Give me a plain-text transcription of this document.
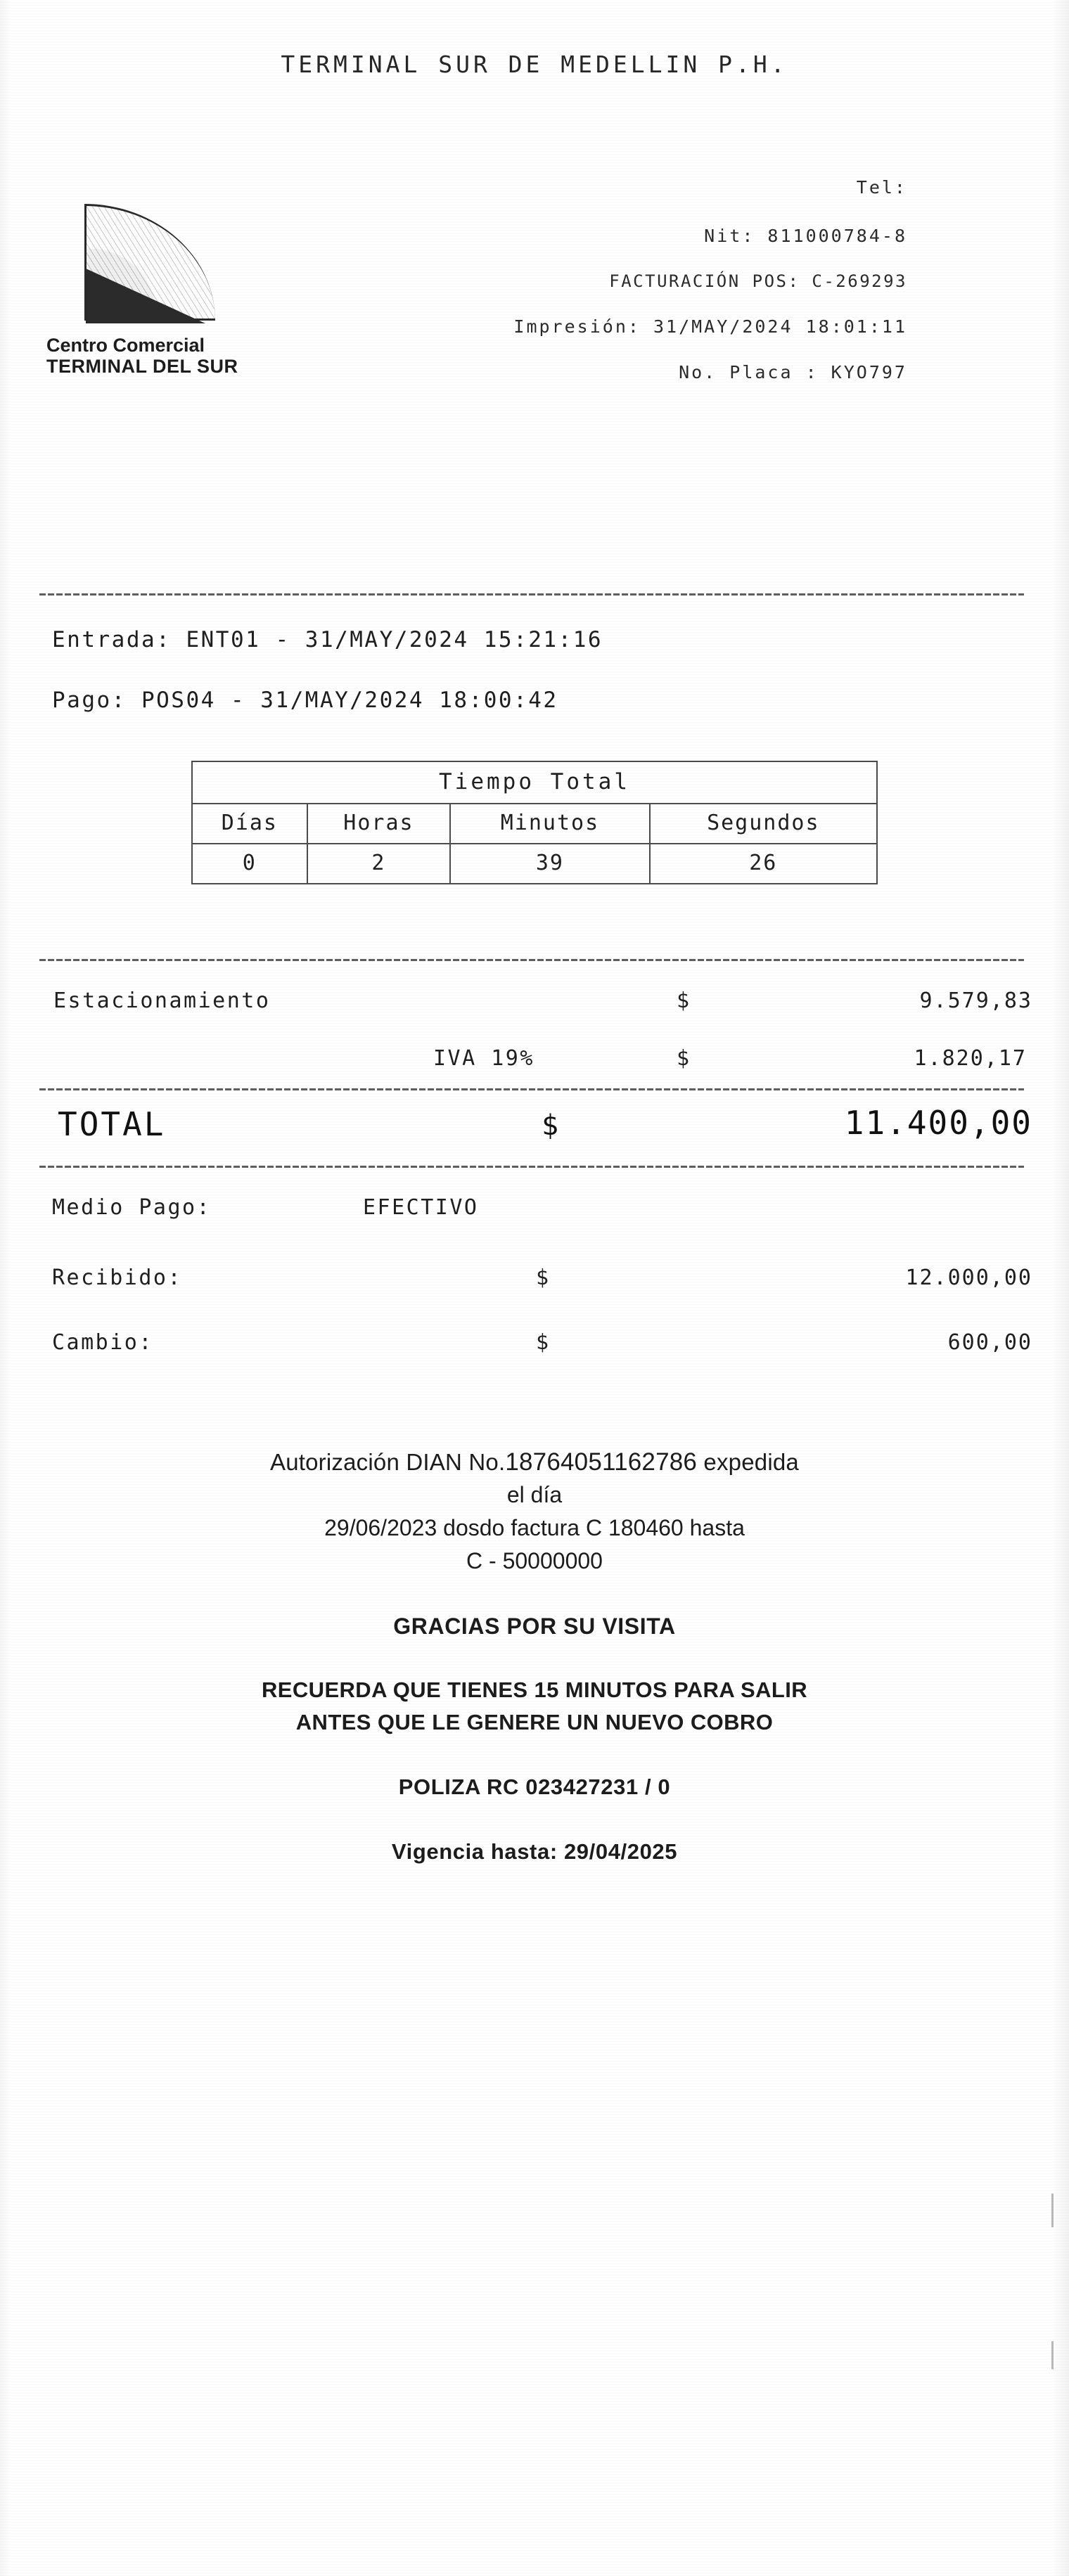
TERMINAL SUR DE MEDELLIN P.H.
Centro Comercial
TERMINAL DEL SUR
Tel:
Nit: 811000784-8
FACTURACIÓN POS: C-269293
Impresión: 31/MAY/2024 18:01:11
No. Placa : KYO797
Entrada: ENT01 - 31/MAY/2024 15:21:16
Pago: POS04 - 31/MAY/2024 18:00:42
Tiempo Total			
Días	Horas	Minutos	Segundos
0	2	39	26
Estacionamiento	$	9.579,83
IVA 19%	$	1.820,17
TOTAL	$	11.400,00
Medio Pago:	EFECTIVO
Recibido:	$	12.000,00
Cambio:	$	600,00
Autorización DIAN No.18764051162786 expedida
el día
29/06/2023 dosdo factura C 180460 hasta
C - 50000000
GRACIAS POR SU VISITA
RECUERDA QUE TIENES 15 MINUTOS PARA SALIR
ANTES QUE LE GENERE UN NUEVO COBRO
POLIZA RC 023427231 / 0
Vigencia hasta: 29/04/2025
